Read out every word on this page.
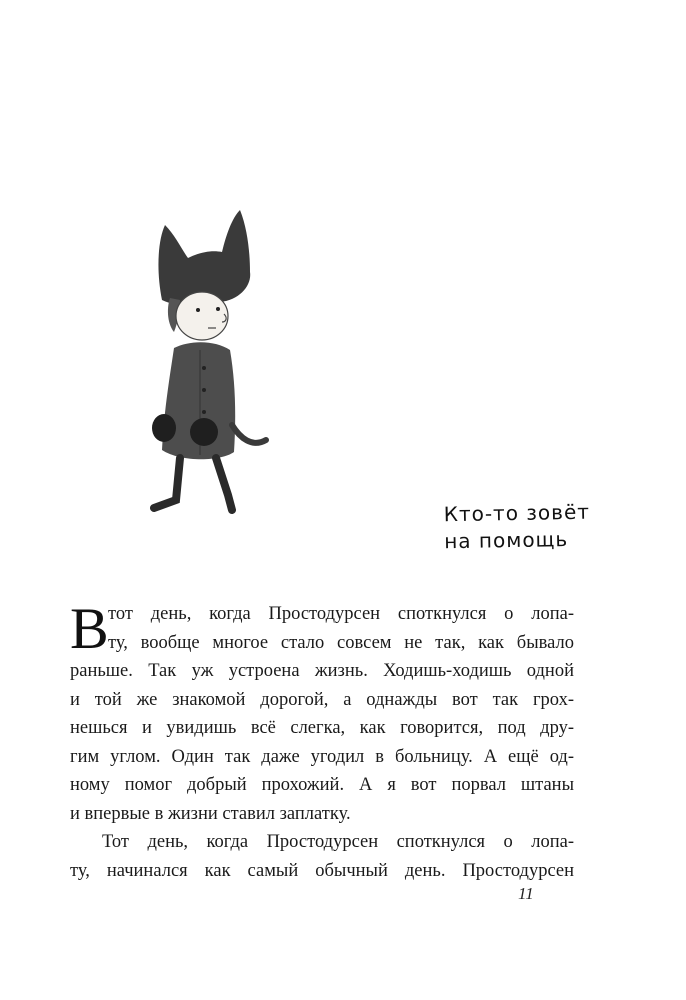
Кто-то зовёт
на помощь
В тот день, когда Простодурсен споткнулся о лопа-
ту, вообще многое стало совсем не так, как бывало
раньше. Так уж устроена жизнь. Ходишь-ходишь одной
и той же знакомой дорогой, а однажды вот так грох-
нешься и увидишь всё слегка, как говорится, под дру-
гим углом. Один так даже угодил в больницу. А ещё од-
ному помог добрый прохожий. А я вот порвал штаны
и впервые в жизни ставил заплатку.
Тот день, когда Простодурсен споткнулся о лопа-
ту, начинался как самый обычный день. Простодурсен
11
